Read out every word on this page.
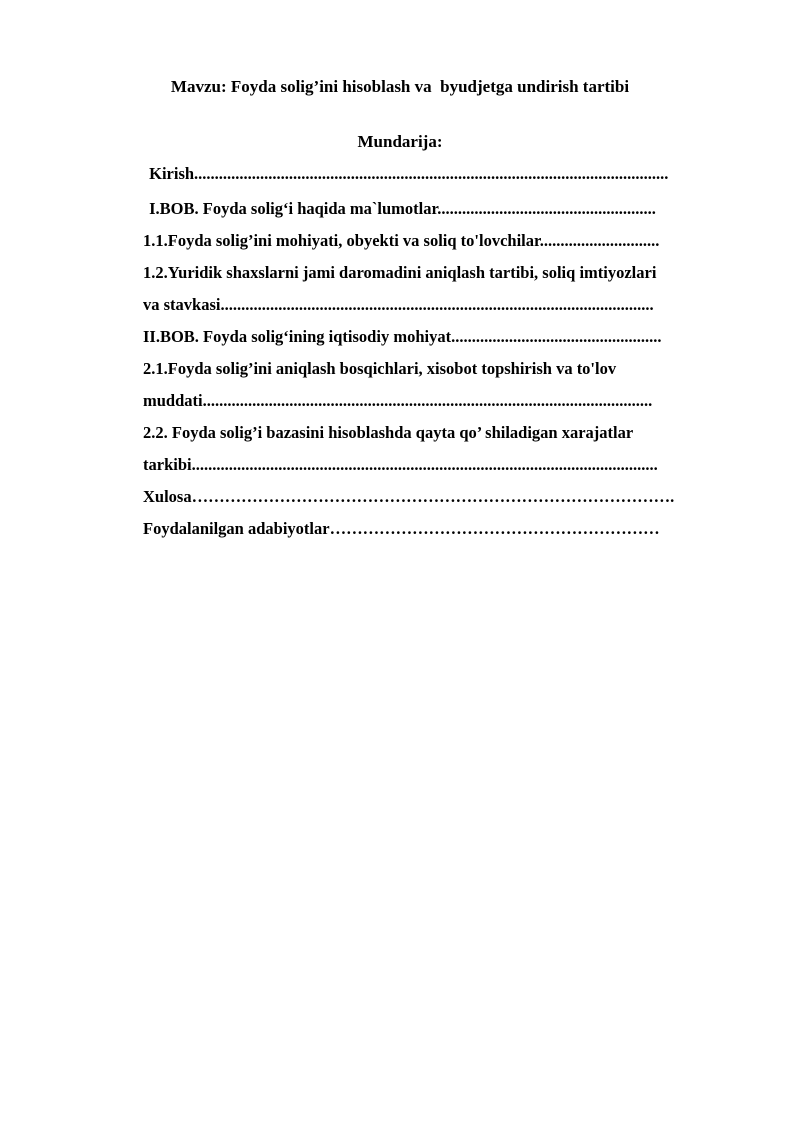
Mavzu: Foyda solig’ini hisoblash va  byudjetga undirish tartibi
Mundarija:
Kirish...................................................................................................................
I.BOB. Foyda solig‘i haqida ma`lumotlar.....................................................
1.1.Foyda solig’ini mohiyati, obyekti va soliq to'lovchilar.............................
1.2.Yuridik shaxslarni jami daromadini aniqlash tartibi, soliq imtiyozlari
va stavkasi.........................................................................................................
II.BOB. Foyda solig‘ining iqtisodiy mohiyat...................................................
2.1.Foyda solig’ini aniqlash bosqichlari, xisobot topshirish va to'lov
muddati.............................................................................................................
2.2. Foyda solig’i bazasini hisoblashda qayta qo’ shiladigan xarajatlar
tarkibi.................................................................................................................
Xulosa…………………………………………………………………………….
Foydalanilgan adabiyotlar……………………………………………………
